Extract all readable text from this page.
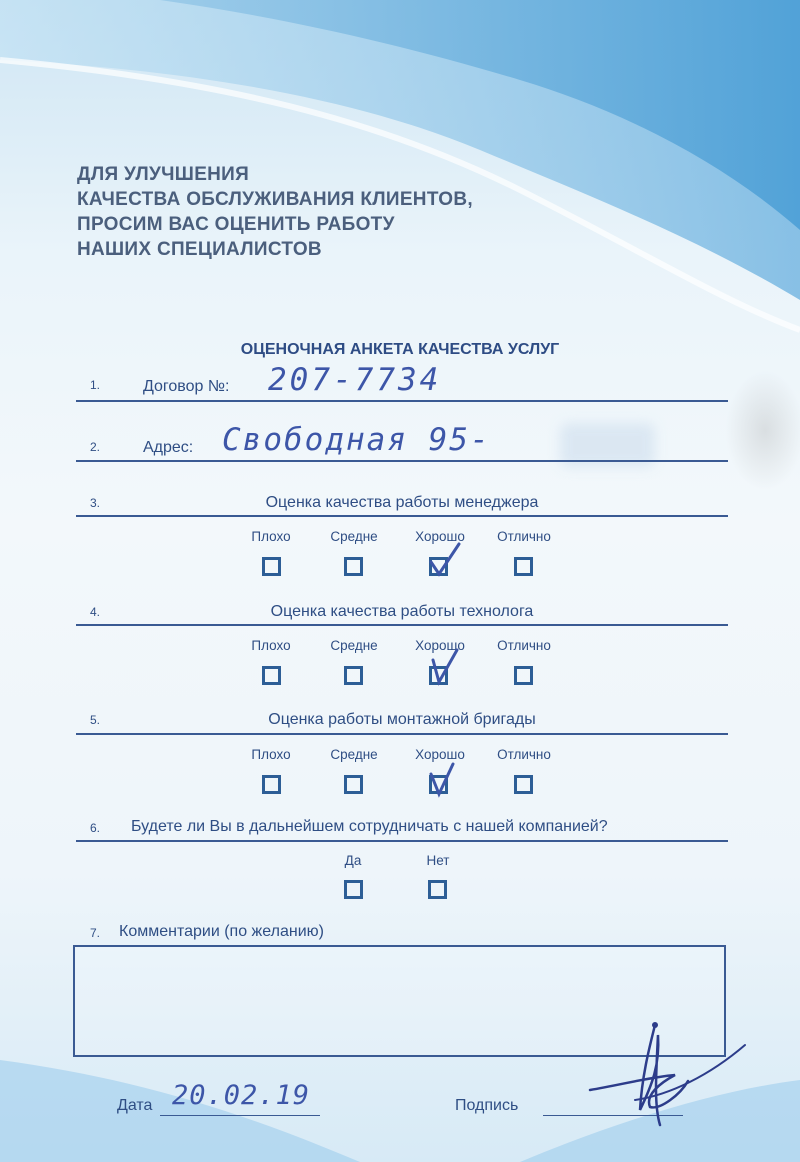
ДЛЯ УЛУЧШЕНИЯ
КАЧЕСТВА ОБСЛУЖИВАНИЯ КЛИЕНТОВ,
ПРОСИМ ВАС ОЦЕНИТЬ РАБОТУ
НАШИХ СПЕЦИАЛИСТОВ
ОЦЕНОЧНАЯ АНКЕТА КАЧЕСТВА УСЛУГ
1.	Договор №: 207-7734
2.	Адрес: Свободная 95-
3.	Оценка качества работы менеджера
Плохо	Средне	Хорошо Отлично
4.	Оценка качества работы технолога
Плохо	Средне	Хорошо Отлично
5.	Оценка работы монтажной бригады
Плохо	Средне	Хорошо Отлично
6. Будете ли Вы в дальнейшем сотрудничать с нашей компанией?
Да	Нет
7. Комментарии (по желанию)
Дата 20.02.19	Подпись
